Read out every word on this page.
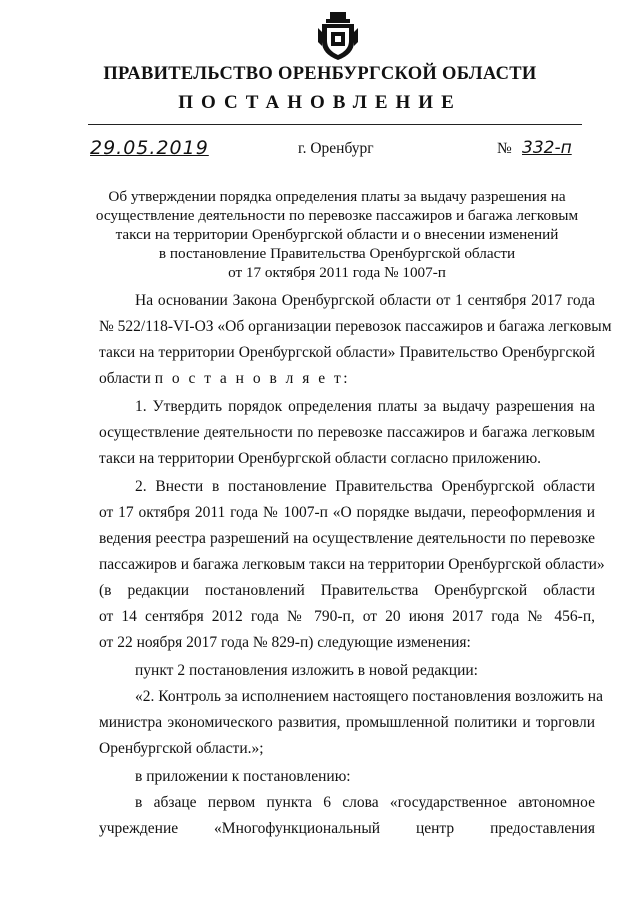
ПРАВИТЕЛЬСТВО ОРЕНБУРГСКОЙ ОБЛАСТИ
ПОСТАНОВЛЕНИЕ
29.05.2019	г. Оренбург	№ 332-п
Об утверждении порядка определения платы за выдачу разрешения на
осуществление деятельности по перевозке пассажиров и багажа легковым
такси на территории Оренбургской области и о внесении изменений
в постановление Правительства Оренбургской области
от 17 октября 2011 года № 1007-п
На основании Закона Оренбургской области от 1 сентября 2017 года
№ 522/118-VI-ОЗ «Об организации перевозок пассажиров и багажа легковым
такси на территории Оренбургской области» Правительство Оренбургской
области п о с т а н о в л я е т:
1. Утвердить порядок определения платы за выдачу разрешения на
осуществление деятельности по перевозке пассажиров и багажа легковым
такси на территории Оренбургской области согласно приложению.
2. Внести в постановление Правительства Оренбургской области
от 17 октября 2011 года № 1007-п «О порядке выдачи, переоформления и
ведения реестра разрешений на осуществление деятельности по перевозке
пассажиров и багажа легковым такси на территории Оренбургской области»
(в редакции постановлений Правительства Оренбургской области
от 14 сентября 2012 года № 790-п, от 20 июня 2017 года № 456-п,
от 22 ноября 2017 года № 829-п) следующие изменения:
пункт 2 постановления изложить в новой редакции:
«2. Контроль за исполнением настоящего постановления возложить на
министра экономического развития, промышленной политики и торговли
Оренбургской области.»;
в приложении к постановлению:
в абзаце первом пункта 6 слова «государственное автономное
учреждение «Многофункциональный центр предоставления
